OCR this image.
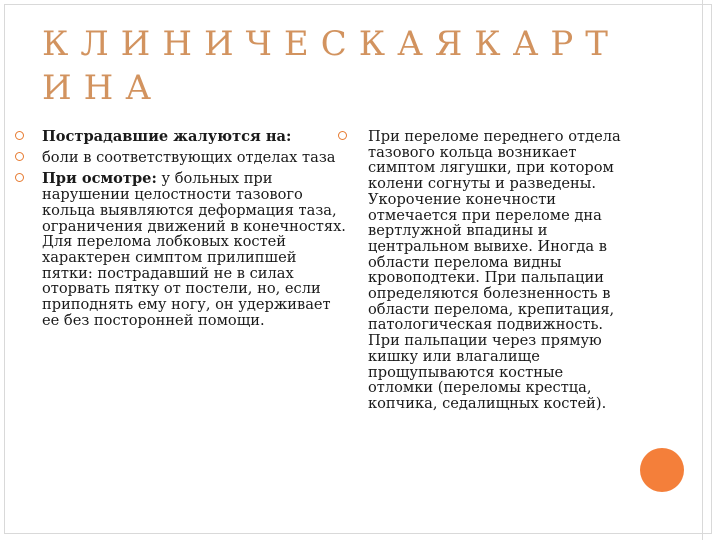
КЛИНИЧЕСКАЯКАРТ
ИНА

Пострадавшие жалуются на:

боли в соответствующих отделах таза

При осмотре: у больных при нарушении целостности тазового кольца выявляются деформация таза, ограничения движений в конечностях. Для перелома лобковых костей характерен симптом прилипшей пятки: пострадавший не в силах оторвать пятку от постели, но, если приподнять ему ногу, он удерживает ее без посторонней помощи.

При переломе переднего отдела тазового кольца возникает симптом лягушки, при котором колени согнуты и разведены. Укорочение конечности отмечается при переломе дна вертлужной впадины и центральном вывихе. Иногда в области перелома видны кровоподтеки. При пальпации определяются болезненность в области перелома, крепитация, патологическая подвижность. При пальпации через прямую кишку или влагалище прощупываются костные отломки (переломы крестца, копчика, седалищных костей).
